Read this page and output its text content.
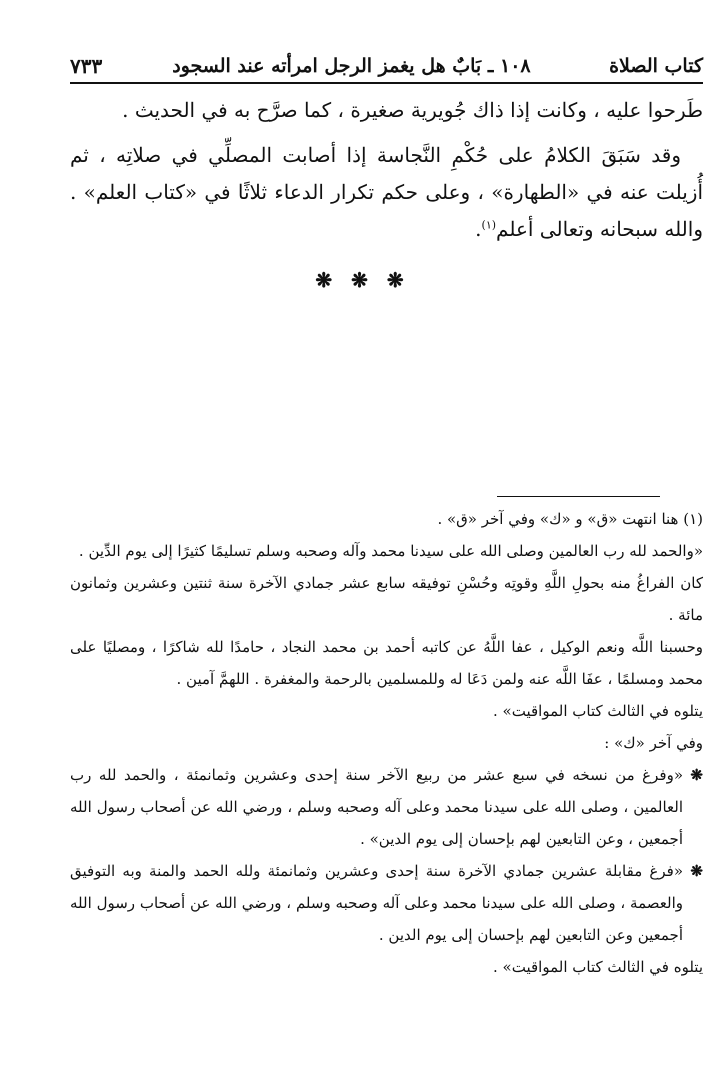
كتاب الصلاة
١٠٨ ـ بَابٌ هل يغمز الرجل امرأته عند السجود
٧٣٣

طَرحوا عليه ، وكانت إذا ذاك جُويرية صغيرة ، كما صرَّح به في الحديث .

وقد سَبَقَ الكلامُ على حُكْمِ النَّجاسة إذا أصابت المصلِّي في صلاتِه ، ثم أُزيلت عنه في «الطهارة» ، وعلى حكم تكرار الدعاء ثلاثًا في «كتاب العلم» . والله سبحانه وتعالى أعلم$^{(١)}$.

❋ ❋ ❋

(١) هنا انتهت «ق» و «ك» وفي آخر «ق» .

«والحمد لله رب العالمين وصلى الله على سيدنا محمد وآله وصحبه وسلم تسليمًا كثيرًا إلى يوم الدِّين .

كان الفراغُ منه بحولِ اللَّهِ وقوتِه وحُسْنِ توفيقه سابع عشر جمادي الآخرة سنة ثنتين وعشرين وثمانون مائة .

وحسبنا اللَّه ونعم الوكيل ، عفا اللَّهُ عن كاتبه أحمد بن محمد النجاد ، حامدًا لله شاكرًا ، ومصليًا على محمد ومسلمًا ، عفَا اللَّه عنه ولمن دَعَا له وللمسلمين بالرحمة والمغفرة . اللهمَّ آمين .

يتلوه في الثالث كتاب المواقيت» .

وفي آخر «ك» :

❋
«وفرغ من نسخه في سبع عشر من ربيع الآخر سنة إحدى وعشرين وثمانمئة ، والحمد لله رب العالمين ، وصلى الله على سيدنا محمد وعلى آله وصحبه وسلم ، ورضي الله عن أصحاب رسول الله أجمعين ، وعن التابعين لهم بإحسان إلى يوم الدين» .
❋
«فرغ مقابلة عشرين جمادي الآخرة سنة إحدى وعشرين وثمانمئة ولله الحمد والمنة وبه التوفيق والعصمة ، وصلى الله على سيدنا محمد وعلى آله وصحبه وسلم ، ورضي الله عن أصحاب رسول الله أجمعين وعن التابعين لهم بإحسان إلى يوم الدين .

يتلوه في الثالث كتاب المواقيت» .
